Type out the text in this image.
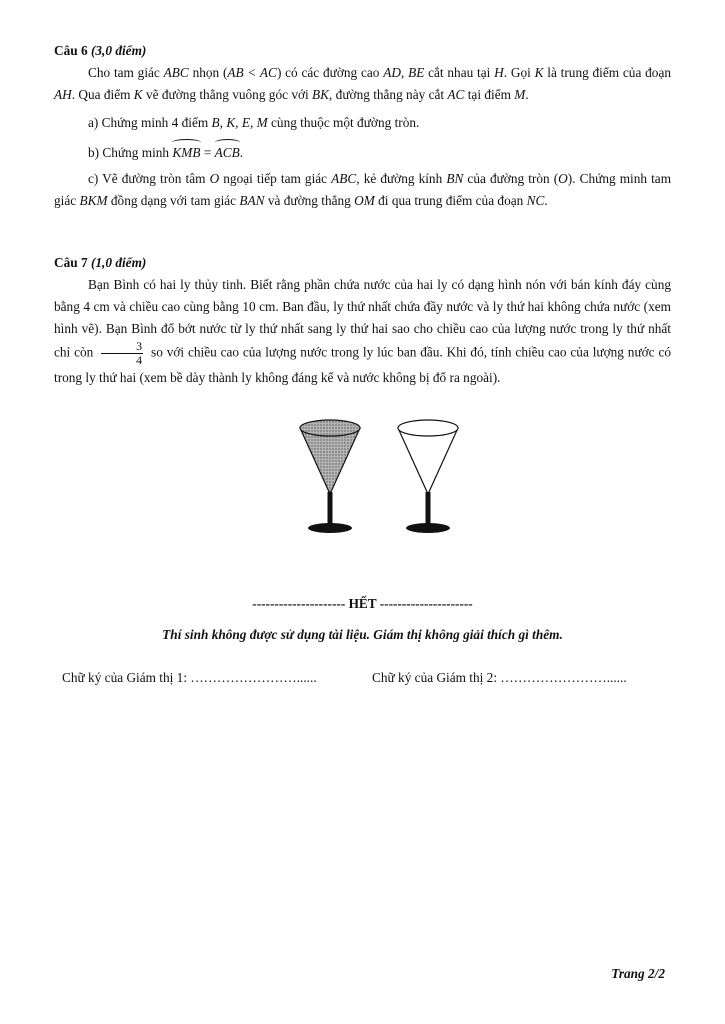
Câu 6 (3,0 điểm)

Cho tam giác ABC nhọn (AB < AC) có các đường cao AD, BE cắt nhau tại H. Gọi K là trung điểm của đoạn AH. Qua điểm K vẽ đường thẳng vuông góc với BK, đường thẳng này cắt AC tại điểm M.

a) Chứng minh 4 điểm B, K, E, M cùng thuộc một đường tròn.

b) Chứng minh KMB = ACB.

c) Vẽ đường tròn tâm O ngoại tiếp tam giác ABC, kẻ đường kính BN của đường tròn (O). Chứng minh tam giác BKM đồng dạng với tam giác BAN và đường thẳng OM đi qua trung điểm của đoạn NC.

Câu 7 (1,0 điểm)

Bạn Bình có hai ly thủy tinh. Biết rằng phần chứa nước của hai ly có dạng hình nón với bán kính đáy cùng bằng 4 cm và chiều cao cùng bằng 10 cm. Ban đầu, ly thứ nhất chứa đầy nước và ly thứ hai không chứa nước (xem hình vẽ). Bạn Bình đổ bớt nước từ ly thứ nhất sang ly thứ hai sao cho chiều cao của lượng nước trong ly thứ nhất chỉ còn $\frac{3}{4}$ so với chiều cao của lượng nước trong ly lúc ban đầu. Khi đó, tính chiều cao của lượng nước có trong ly thứ hai (xem bề dày thành ly không đáng kể và nước không bị đổ ra ngoài).

--------------------- HẾT ---------------------
Thí sinh không được sử dụng tài liệu. Giám thị không giải thích gì thêm.
Chữ ký của Giám thị 1: ……………………......	Chữ ký của Giám thị 2: ……………………......
Trang 2/2
